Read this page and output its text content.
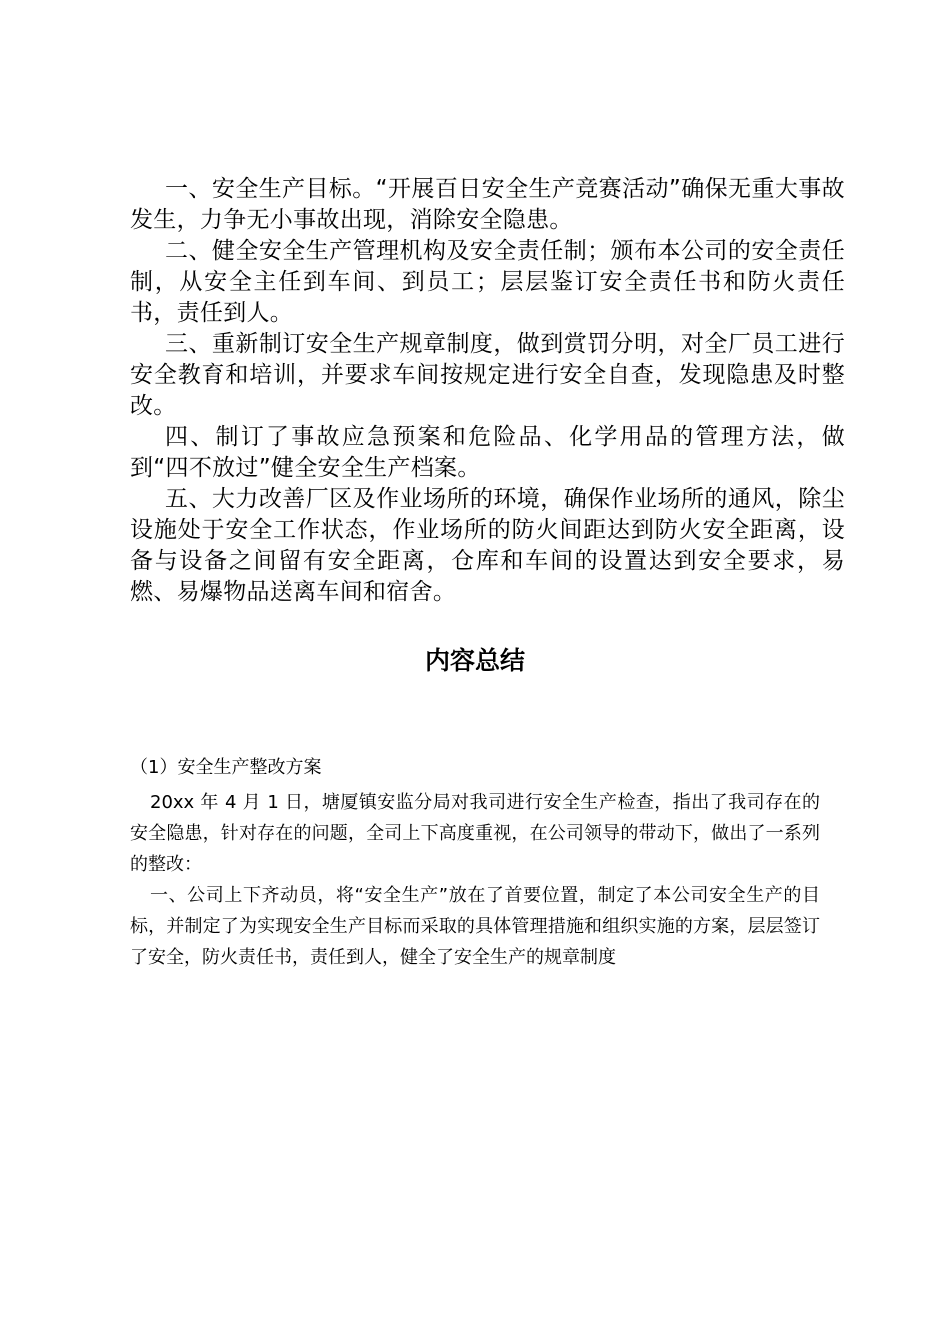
一、安全生产目标。“开展百日安全生产竞赛活动”确保无重大事故发生，力争无小事故出现，消除安全隐患。

二、健全安全生产管理机构及安全责任制；颁布本公司的安全责任制，从安全主任到车间、到员工；层层鉴订安全责任书和防火责任书，责任到人。

三、重新制订安全生产规章制度，做到赏罚分明，对全厂员工进行安全教育和培训，并要求车间按规定进行安全自查，发现隐患及时整改。

四、制订了事故应急预案和危险品、化学用品的管理方法，做到“四不放过”健全安全生产档案。

五、大力改善厂区及作业场所的环境，确保作业场所的通风，除尘设施处于安全工作状态，作业场所的防火间距达到防火安全距离，设备与设备之间留有安全距离，仓库和车间的设置达到安全要求，易燃、易爆物品送离车间和宿舍。

内容总结

（1）安全生产整改方案

20xx 年 4 月 1 日，塘厦镇安监分局对我司进行安全生产检查，指出了我司存在的安全隐患，针对存在的问题，全司上下高度重视，在公司领导的带动下，做出了一系列的整改：

一、公司上下齐动员，将“安全生产”放在了首要位置，制定了本公司安全生产的目标，并制定了为实现安全生产目标而采取的具体管理措施和组织实施的方案，层层签订了安全，防火责任书，责任到人，健全了安全生产的规章制度
